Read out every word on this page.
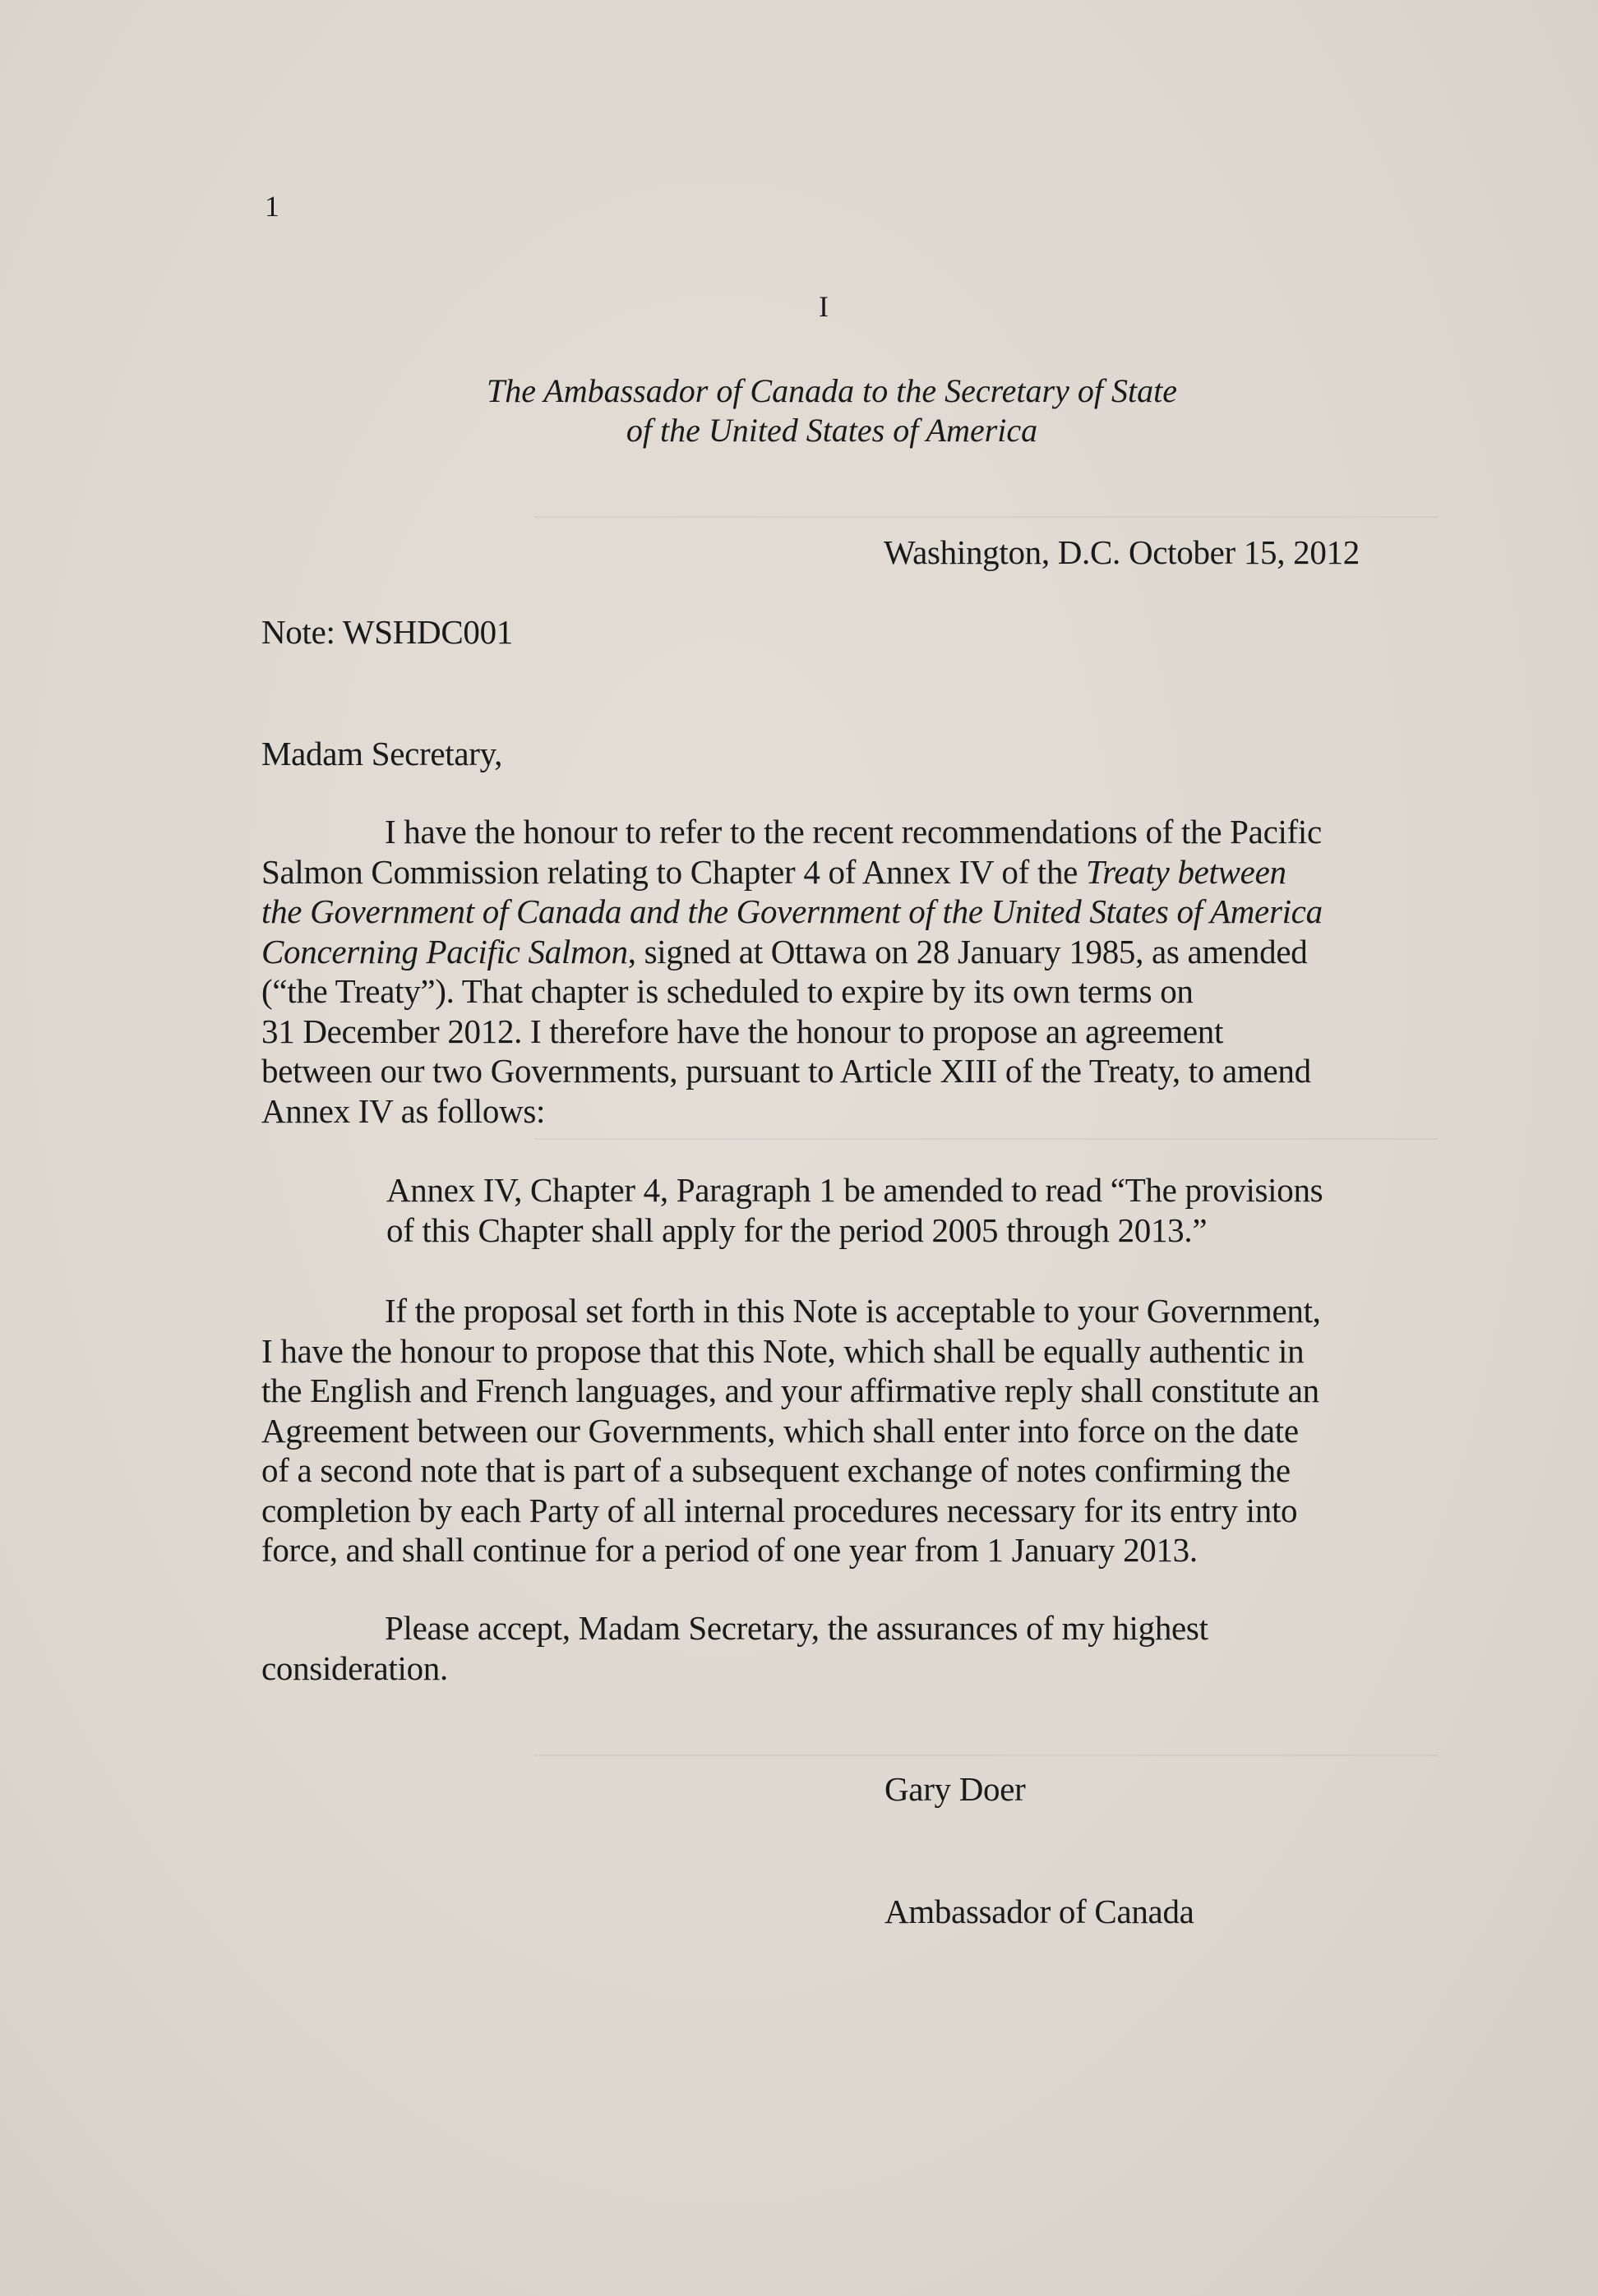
1

I

The Ambassador of Canada to the Secretary of State
of the United States of America

Washington, D.C. October 15, 2012

Note: WSHDC001

Madam Secretary,

I have the honour to refer to the recent recommendations of the Pacific
Salmon Commission relating to Chapter 4 of Annex IV of the Treaty between
the Government of Canada and the Government of the United States of America
Concerning Pacific Salmon, signed at Ottawa on 28 January 1985, as amended
(“the Treaty”). That chapter is scheduled to expire by its own terms on
31 December 2012. I therefore have the honour to propose an agreement
between our two Governments, pursuant to Article XIII of the Treaty, to amend
Annex IV as follows:
Annex IV, Chapter 4, Paragraph 1 be amended to read “The provisions
of this Chapter shall apply for the period 2005 through 2013.”
If the proposal set forth in this Note is acceptable to your Government,
I have the honour to propose that this Note, which shall be equally authentic in
the English and French languages, and your affirmative reply shall constitute an
Agreement between our Governments, which shall enter into force on the date
of a second note that is part of a subsequent exchange of notes confirming the
completion by each Party of all internal procedures necessary for its entry into
force, and shall continue for a period of one year from 1 January 2013.
Please accept, Madam Secretary, the assurances of my highest
consideration.

Gary Doer

Ambassador of Canada
